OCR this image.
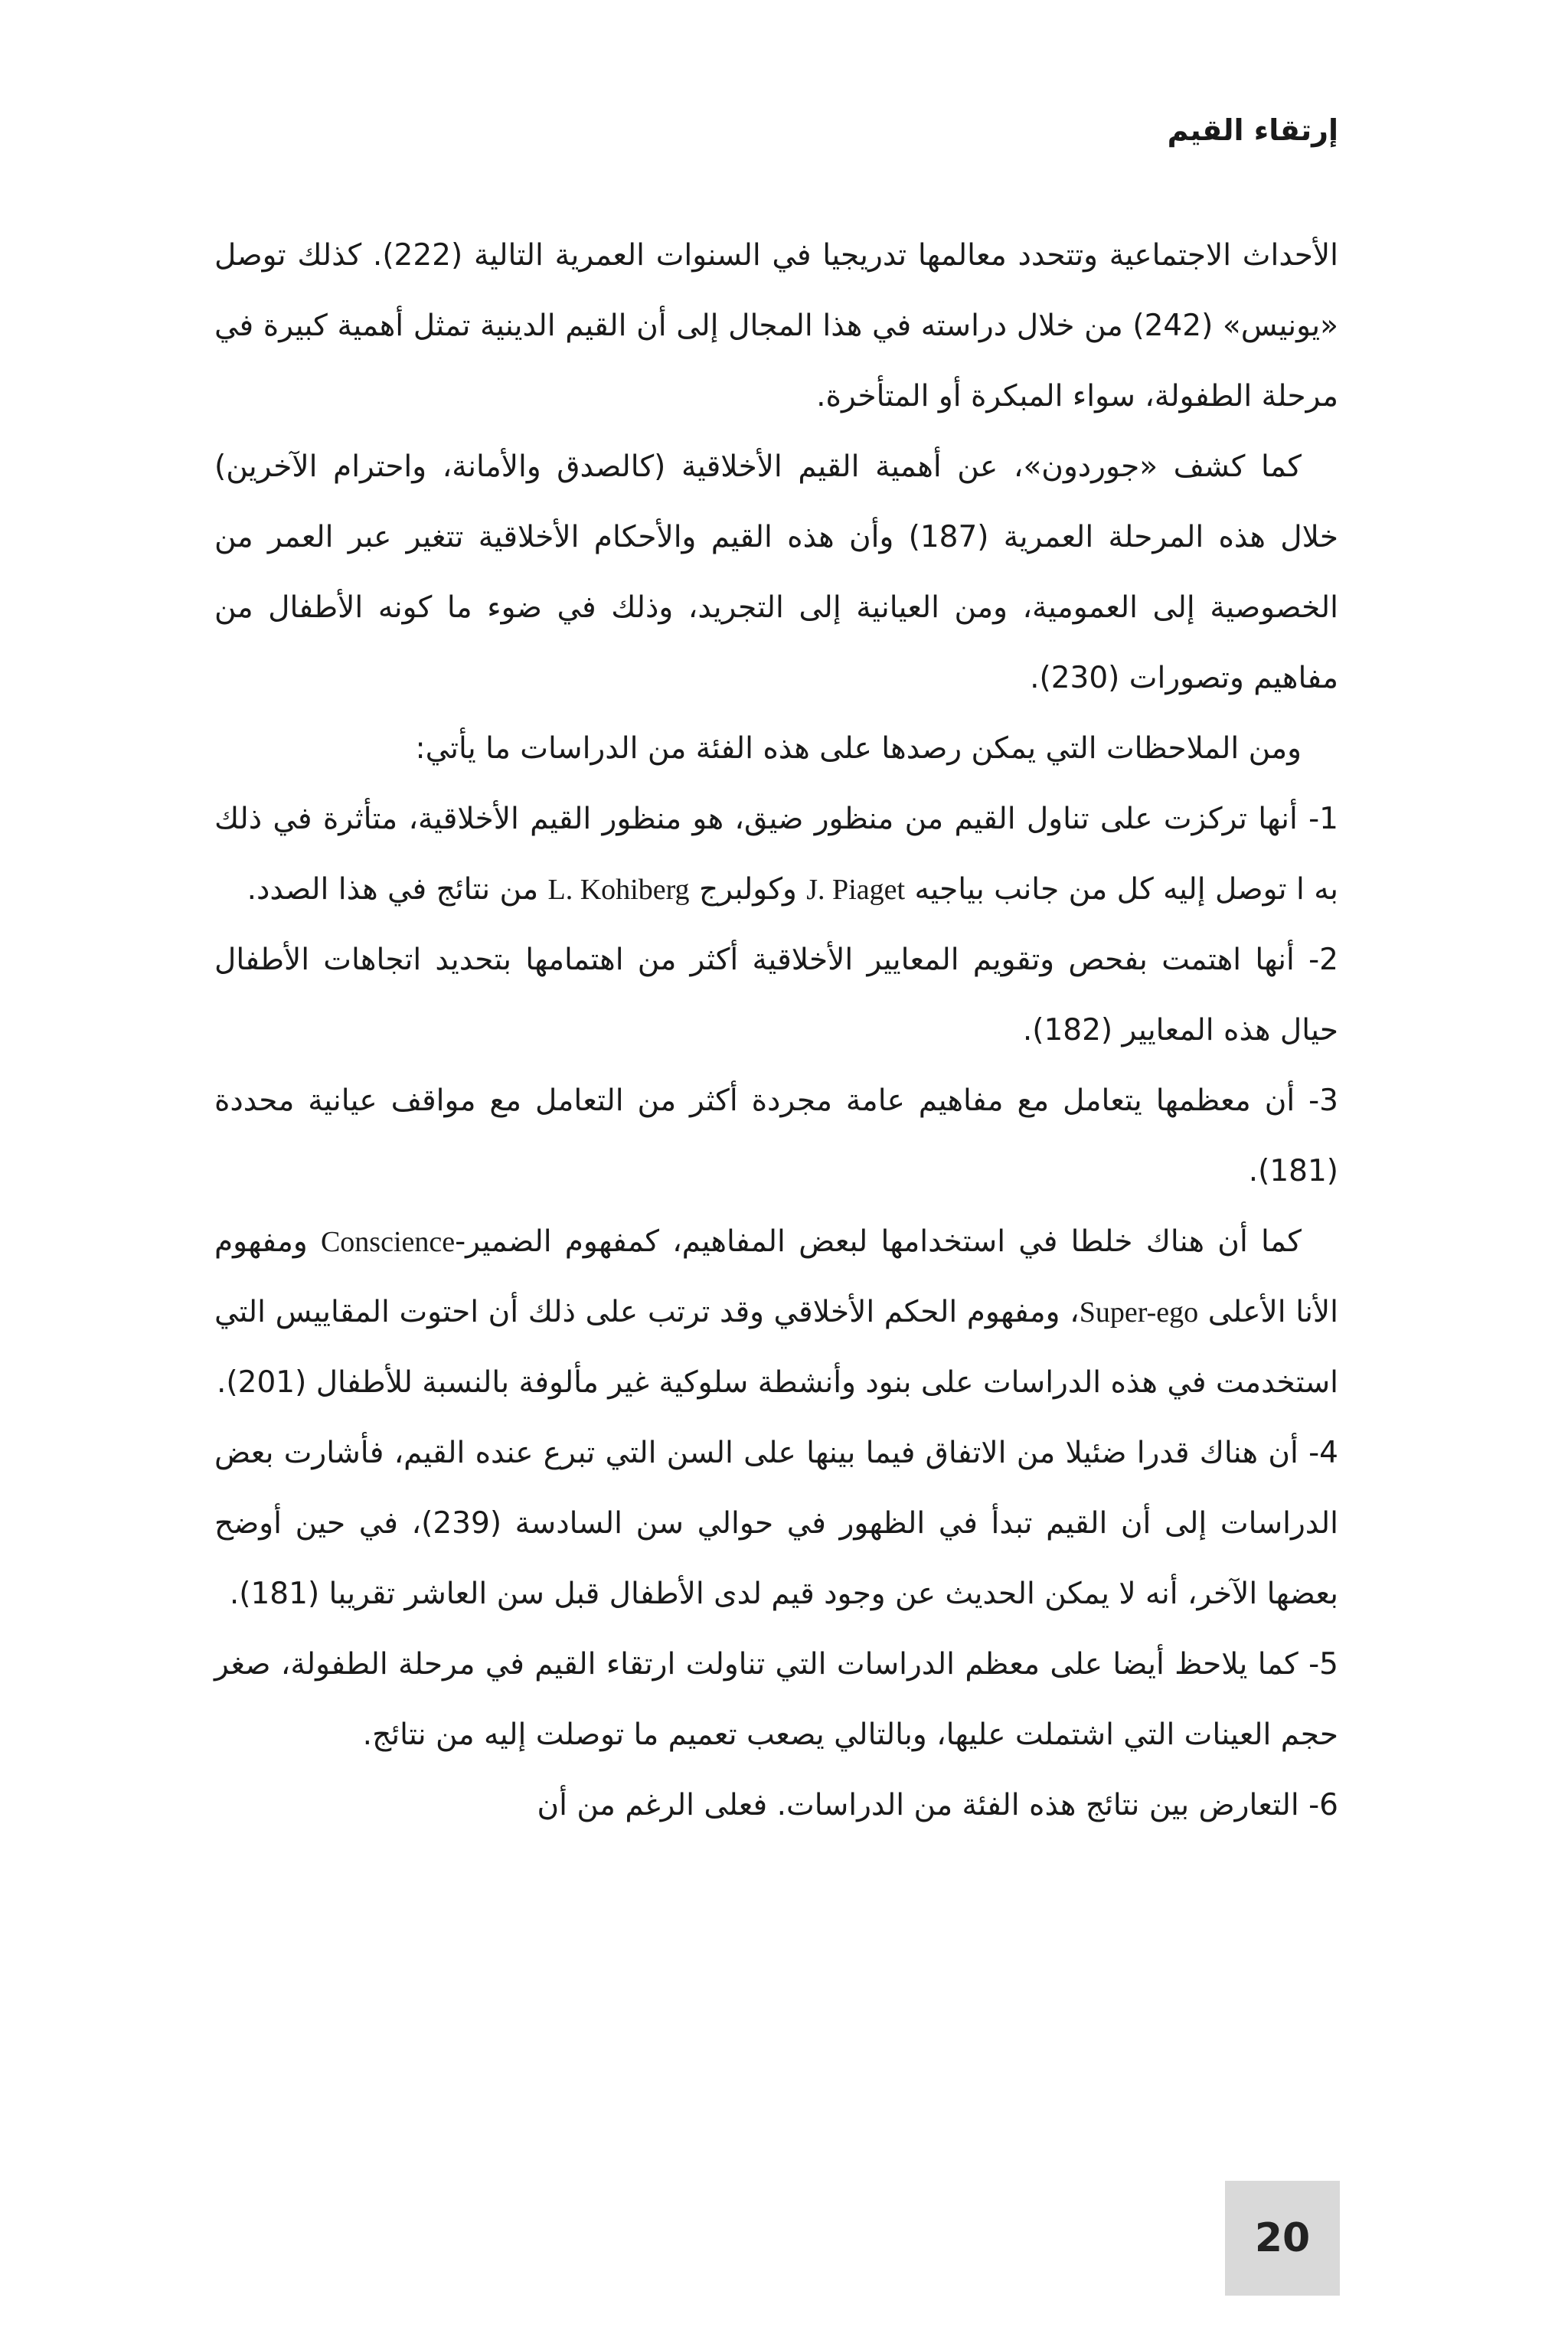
إرتقاء القيم

الأحداث الاجتماعية وتتحدد معالمها تدريجيا في السنوات العمرية التالية (222). كذلك توصل «يونيس» (242) من خلال دراسته في هذا المجال إلى أن القيم الدينية تمثل أهمية كبيرة في مرحلة الطفولة، سواء المبكرة أو المتأخرة.

كما كشف «جوردون»، عن أهمية القيم الأخلاقية (كالصدق والأمانة، واحترام الآخرين) خلال هذه المرحلة العمرية (187) وأن هذه القيم والأحكام الأخلاقية تتغير عبر العمر من الخصوصية إلى العمومية، ومن العيانية إلى التجريد، وذلك في ضوء ما كونه الأطفال من مفاهيم وتصورات (230).

ومن الملاحظات التي يمكن رصدها على هذه الفئة من الدراسات ما يأتي:

1- أنها تركزت على تناول القيم من منظور ضيق، هو منظور القيم الأخلاقية، متأثرة في ذلك به ا توصل إليه كل من جانب بياجيه J. Piaget وكولبرج L. Kohiberg من نتائج في هذا الصدد.

2- أنها اهتمت بفحص وتقويم المعايير الأخلاقية أكثر من اهتمامها بتحديد اتجاهات الأطفال حيال هذه المعايير (182).

3- أن معظمها يتعامل مع مفاهيم عامة مجردة أكثر من التعامل مع مواقف عيانية محددة (181).

كما أن هناك خلطا في استخدامها لبعض المفاهيم، كمفهوم الضمير-Conscience ومفهوم الأنا الأعلى Super-ego، ومفهوم الحكم الأخلاقي وقد ترتب على ذلك أن احتوت المقاييس التي استخدمت في هذه الدراسات على بنود وأنشطة سلوكية غير مألوفة بالنسبة للأطفال (201).

4- أن هناك قدرا ضئيلا من الاتفاق فيما بينها على السن التي تبرع عنده القيم، فأشارت بعض الدراسات إلى أن القيم تبدأ في الظهور في حوالي سن السادسة (239)، في حين أوضح بعضها الآخر، أنه لا يمكن الحديث عن وجود قيم لدى الأطفال قبل سن العاشر تقريبا (181).

5- كما يلاحظ أيضا على معظم الدراسات التي تناولت ارتقاء القيم في مرحلة الطفولة، صغر حجم العينات التي اشتملت عليها، وبالتالي يصعب تعميم ما توصلت إليه من نتائج.

6- التعارض بين نتائج هذه الفئة من الدراسات. فعلى الرغم من أن

20
